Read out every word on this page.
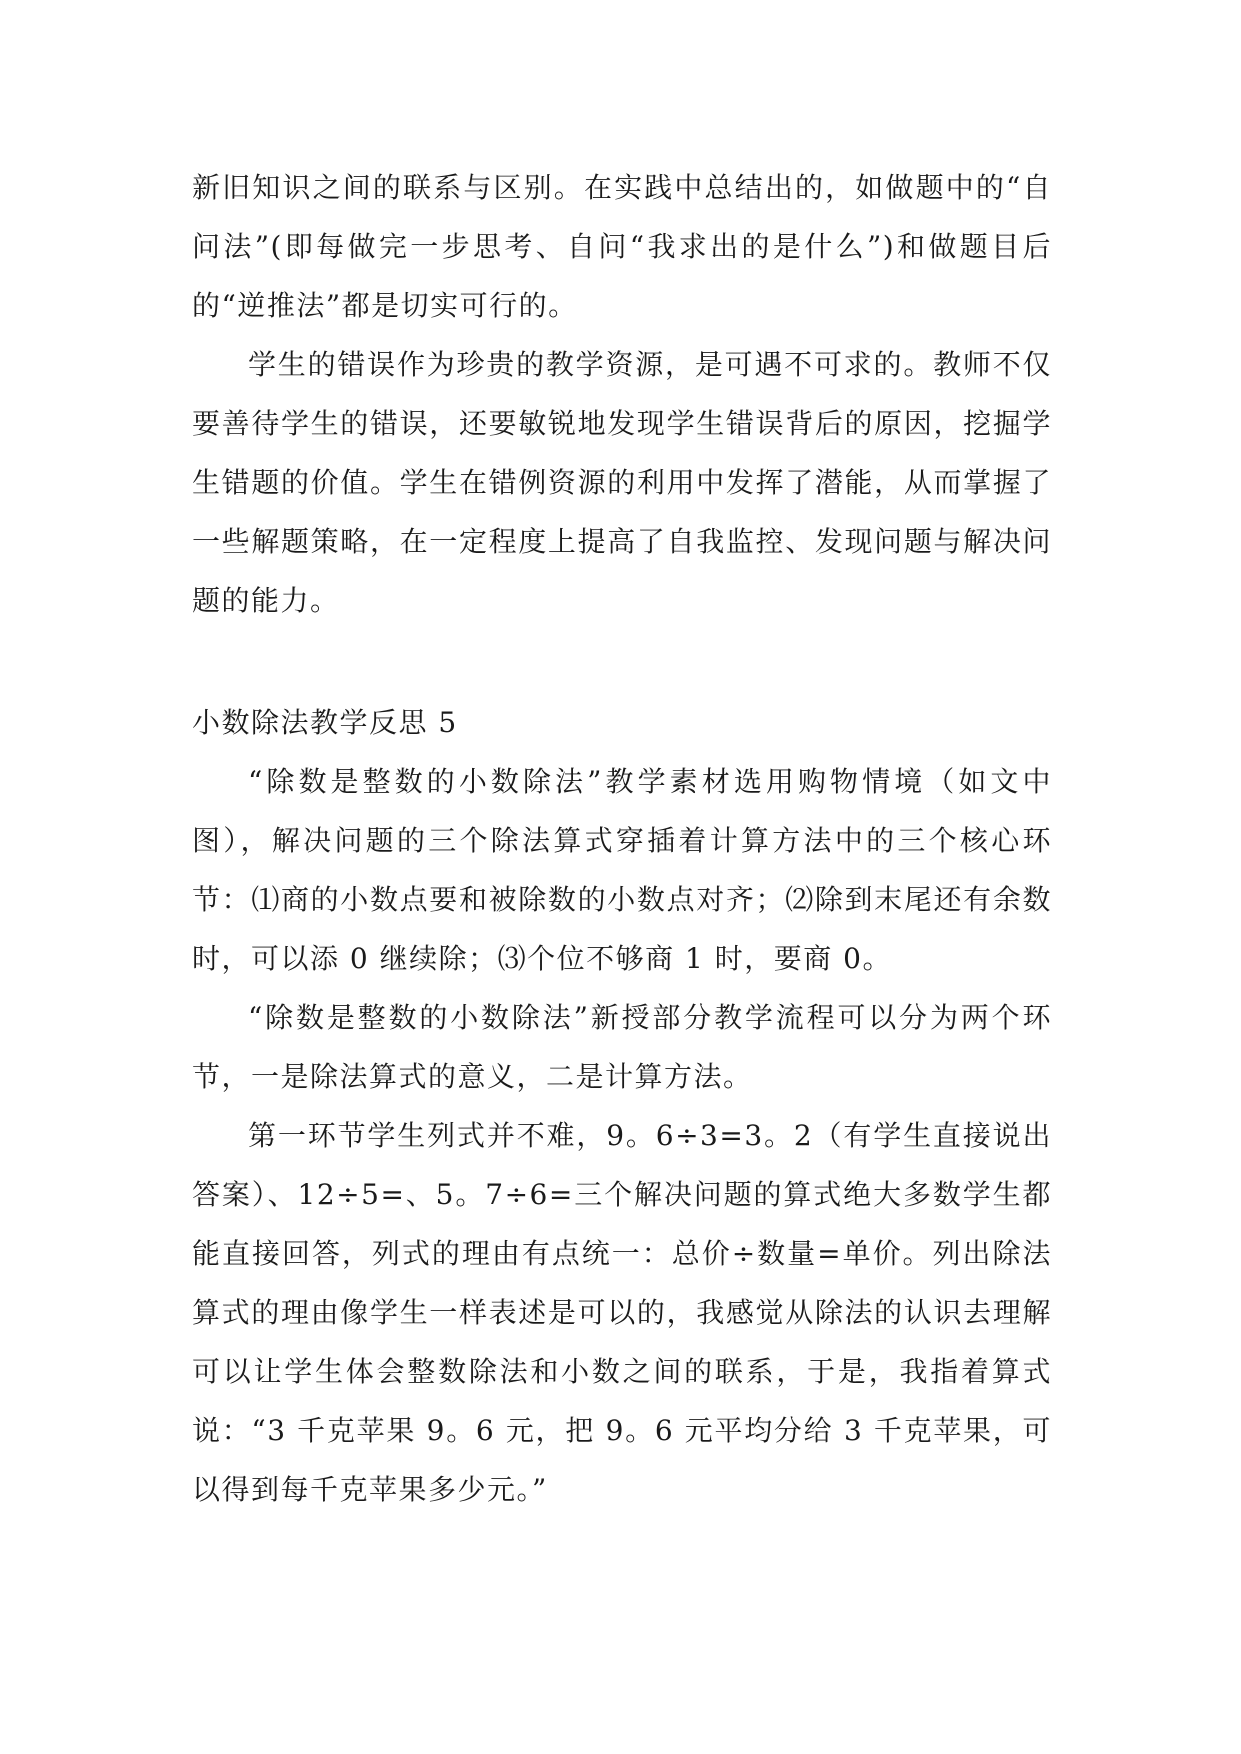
新旧知识之间的联系与区别。在实践中总结出的，如做题中的“自问法”(即每做完一步思考、自问“我求出的是什么”)和做题目后的“逆推法”都是切实可行的。

学生的错误作为珍贵的教学资源，是可遇不可求的。教师不仅要善待学生的错误，还要敏锐地发现学生错误背后的原因，挖掘学生错题的价值。学生在错例资源的利用中发挥了潜能，从而掌握了一些解题策略，在一定程度上提高了自我监控、发现问题与解决问题的能力。

小数除法教学反思 5

“除数是整数的小数除法”教学素材选用购物情境（如文中图），解决问题的三个除法算式穿插着计算方法中的三个核心环节：⑴商的小数点要和被除数的小数点对齐；⑵除到末尾还有余数时，可以添 0 继续除；⑶个位不够商 1 时，要商 0。

“除数是整数的小数除法”新授部分教学流程可以分为两个环节，一是除法算式的意义，二是计算方法。

第一环节学生列式并不难，9。6÷3=3。2（有学生直接说出答案）、12÷5=、5。7÷6=三个解决问题的算式绝大多数学生都能直接回答，列式的理由有点统一：总价÷数量=单价。列出除法算式的理由像学生一样表述是可以的，我感觉从除法的认识去理解可以让学生体会整数除法和小数之间的联系，于是，我指着算式说：“3 千克苹果 9。6 元，把 9。6 元平均分给 3 千克苹果，可以得到每千克苹果多少元。”
